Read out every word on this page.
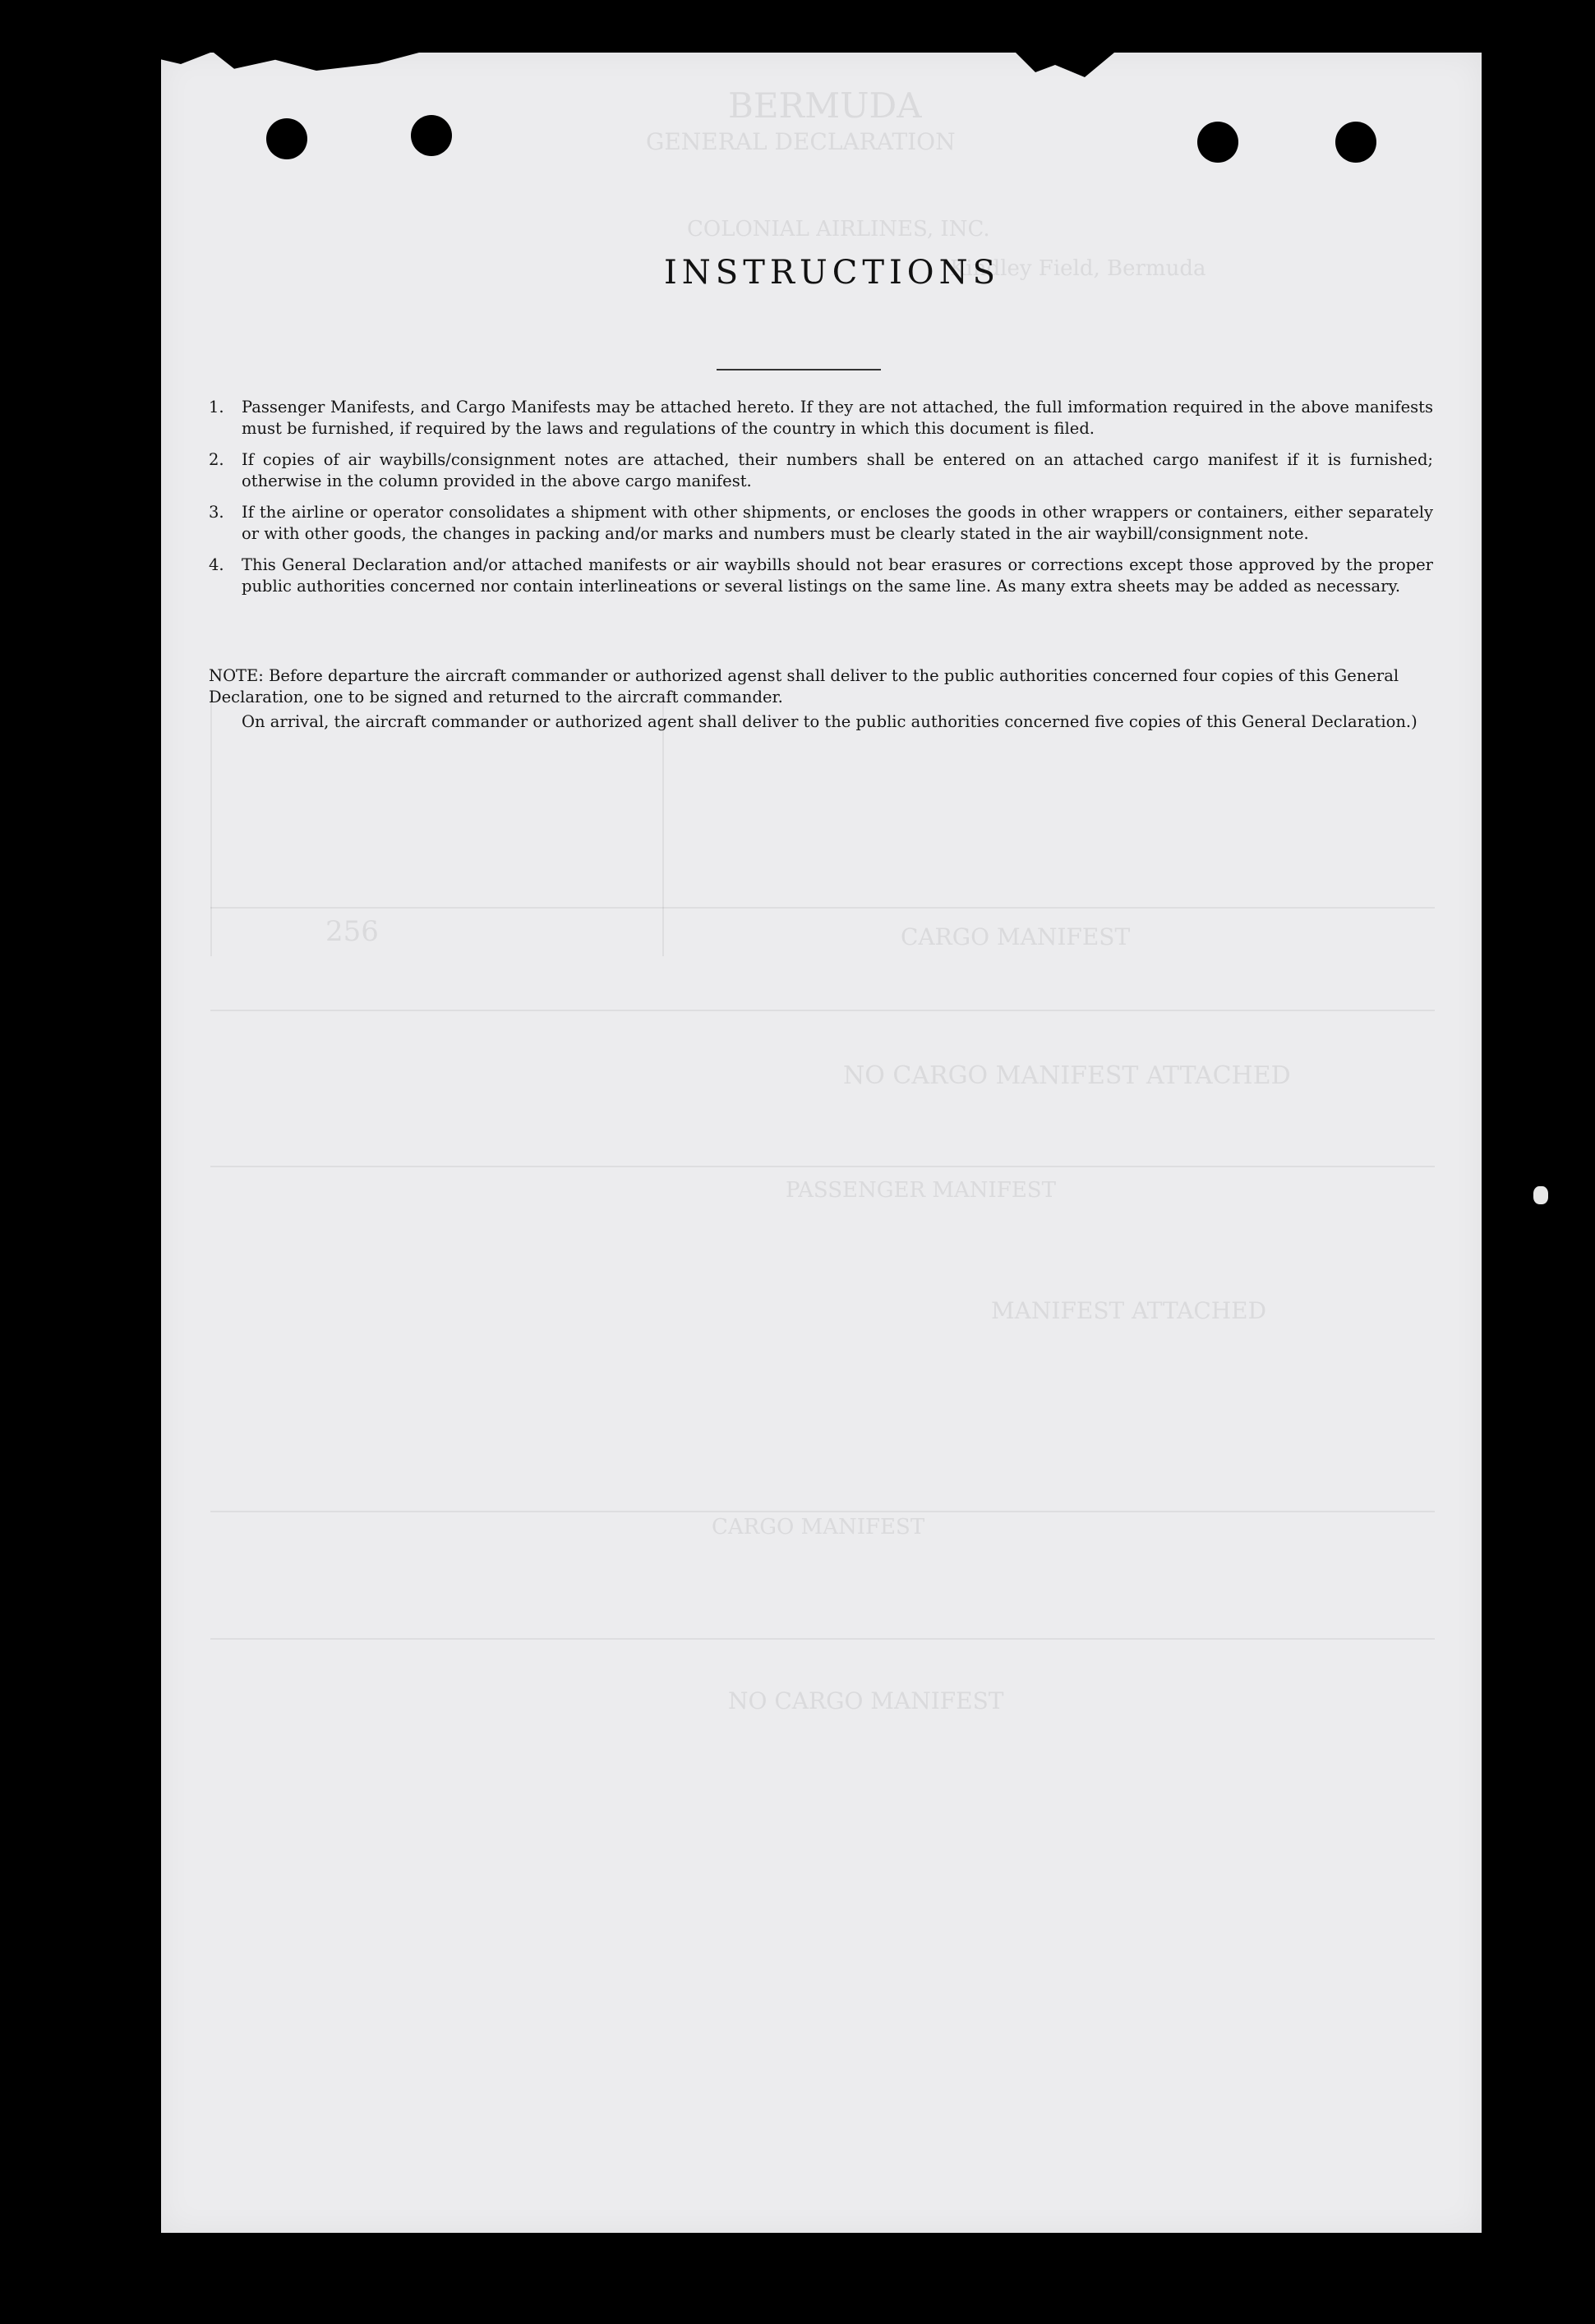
BERMUDA
GENERAL DECLARATION
COLONIAL AIRLINES, INC.
Kindley Field, Bermuda
CARGO MANIFEST
NO CARGO MANIFEST ATTACHED
PASSENGER MANIFEST
MANIFEST ATTACHED
CARGO MANIFEST
NO CARGO MANIFEST
256
INSTRUCTIONS
1. Passenger Manifests, and Cargo Manifests may be attached hereto. If they are not attached, the full imformation required in the above manifests must be furnished, if required by the laws and regulations of the country in which this document is filed.
2. If copies of air waybills/consignment notes are attached, their numbers shall be entered on an attached cargo manifest if it is furnished; otherwise in the column provided in the above cargo manifest.
3. If the airline or operator consolidates a shipment with other shipments, or encloses the goods in other wrappers or containers, either separately or with other goods, the changes in packing and/or marks and numbers must be clearly stated in the air waybill/consignment note.
4. This General Declaration and/or attached manifests or air waybills should not bear erasures or corrections except those approved by the proper public authorities concerned nor contain interlineations or several listings on the same line. As many extra sheets may be added as necessary.

NOTE: Before departure the aircraft commander or authorized agenst shall deliver to the public authorities concerned four copies of this General Declaration, one to be signed and returned to the aircraft commander.

On arrival, the aircraft commander or authorized agent shall deliver to the public authorities concerned five copies of this General Declaration.)
